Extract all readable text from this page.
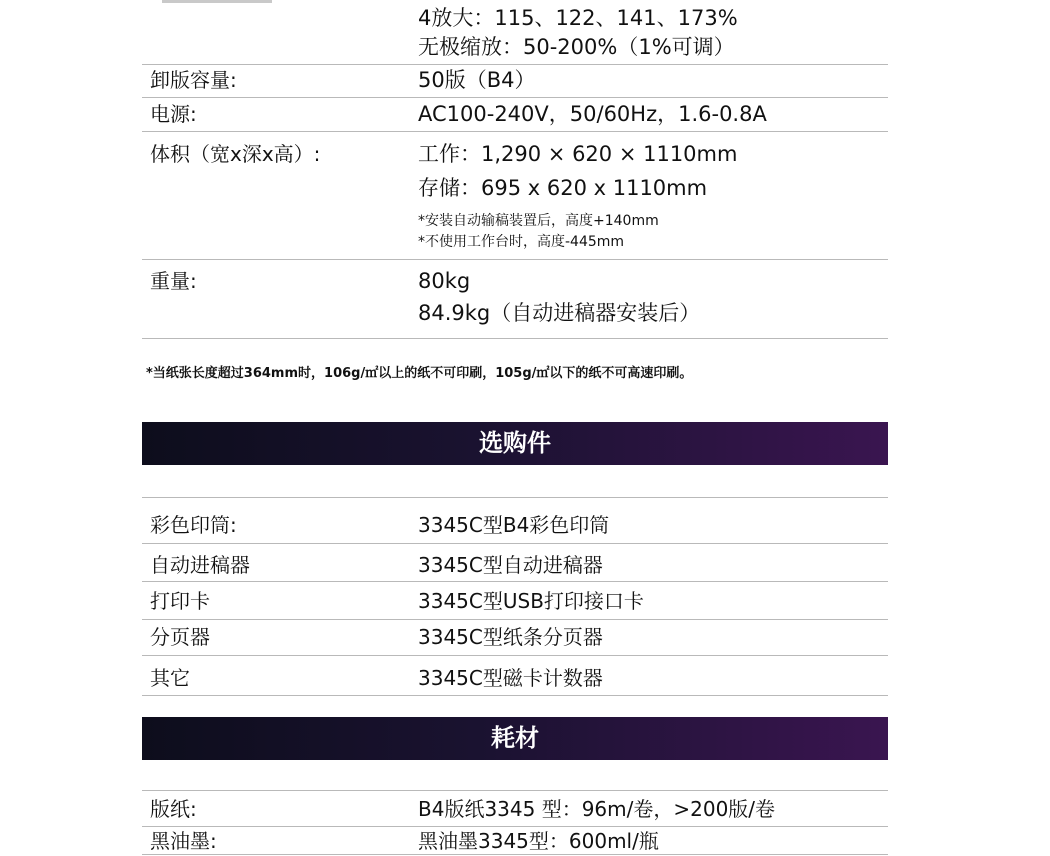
4放大：115、122、141、173%
无极缩放：50-200%（1%可调）
卸版容量:	50版（B4）
电源:	AC100-240V，50/60Hz，1.6-0.8A
体积（宽x深x高）:	工作：1,290 × 620 × 1110mm
存储：695 x 620 x 1110mm
*安装自动输稿装置后，高度+140mm
*不使用工作台时，高度-445mm
重量:	80kg
84.9kg（自动进稿器安装后）
*当纸张长度超过364mm时，106g/㎡以上的纸不可印刷，105g/㎡以下的纸不可高速印刷。
选购件
彩色印筒:	3345C型B4彩色印筒
自动进稿器	3345C型自动进稿器
打印卡	3345C型USB打印接口卡
分页器	3345C型纸条分页器
其它	3345C型磁卡计数器
耗材
版纸:	B4版纸3345 型：96m/卷，>200版/卷
黑油墨:	黑油墨3345型：600ml/瓶
